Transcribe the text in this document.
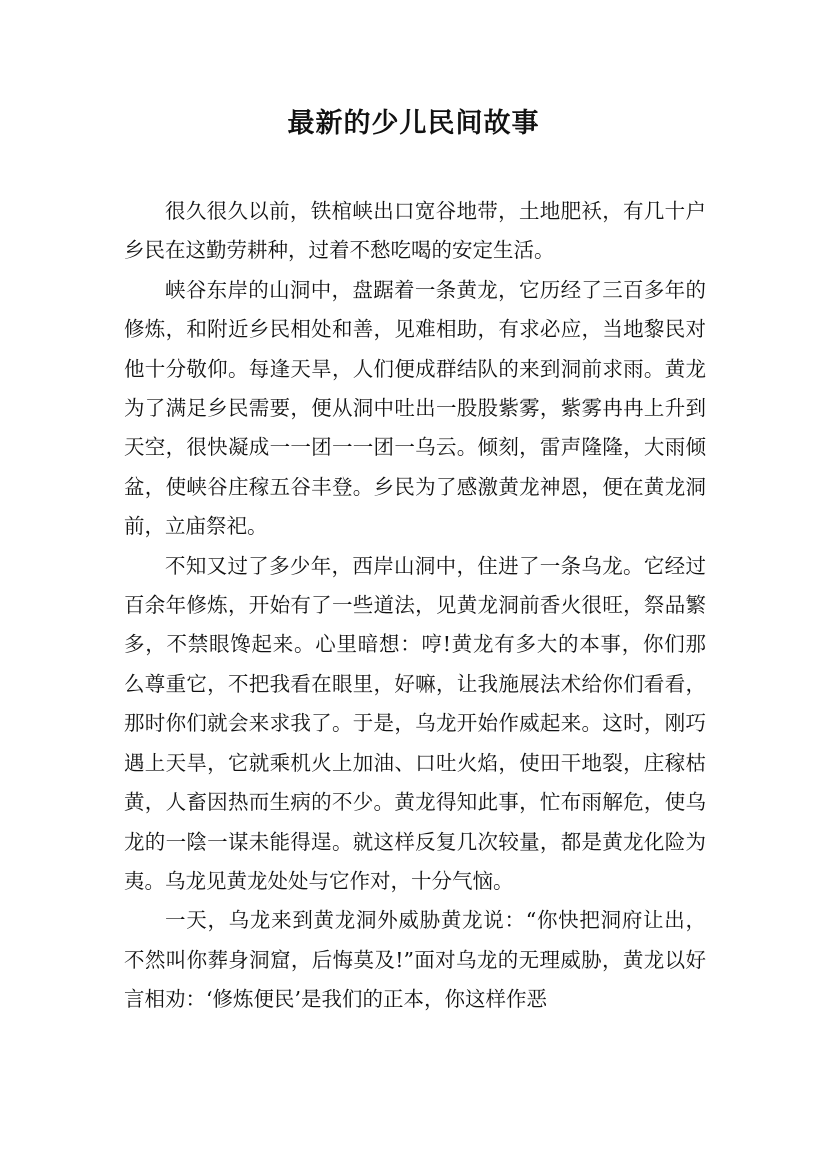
最新的少儿民间故事

很久很久以前，铁棺峡出口宽谷地带，土地肥袄，有几十户乡民在这勤劳耕种，过着不愁吃喝的安定生活。

峡谷东岸的山洞中，盘踞着一条黄龙，它历经了三百多年的修炼，和附近乡民相处和善，见难相助，有求必应，当地黎民对他十分敬仰。每逢天旱，人们便成群结队的来到洞前求雨。黄龙为了满足乡民需要，便从洞中吐出一股股紫雾，紫雾冉冉上升到天空，很快凝成一一团一一团一乌云。倾刻，雷声隆隆，大雨倾盆，使峡谷庄稼五谷丰登。乡民为了感激黄龙神恩，便在黄龙洞前，立庙祭祀。

不知又过了多少年，西岸山洞中，住进了一条乌龙。它经过百余年修炼，开始有了一些道法，见黄龙洞前香火很旺，祭品繁多，不禁眼馋起来。心里暗想：哼!黄龙有多大的本事，你们那么尊重它，不把我看在眼里，好嘛，让我施展法术给你们看看，那时你们就会来求我了。于是，乌龙开始作威起来。这时，刚巧遇上天旱，它就乘机火上加油、口吐火焰，使田干地裂，庄稼枯黄，人畜因热而生病的不少。黄龙得知此事，忙布雨解危，使乌龙的一陰一谋未能得逞。就这样反复几次较量，都是黄龙化险为夷。乌龙见黄龙处处与它作对，十分气恼。

一天，乌龙来到黄龙洞外威胁黄龙说：“你快把洞府让出，不然叫你葬身洞窟，后悔莫及!”面对乌龙的无理威胁，黄龙以好言相劝：‘修炼便民’是我们的正本，你这样作恶
